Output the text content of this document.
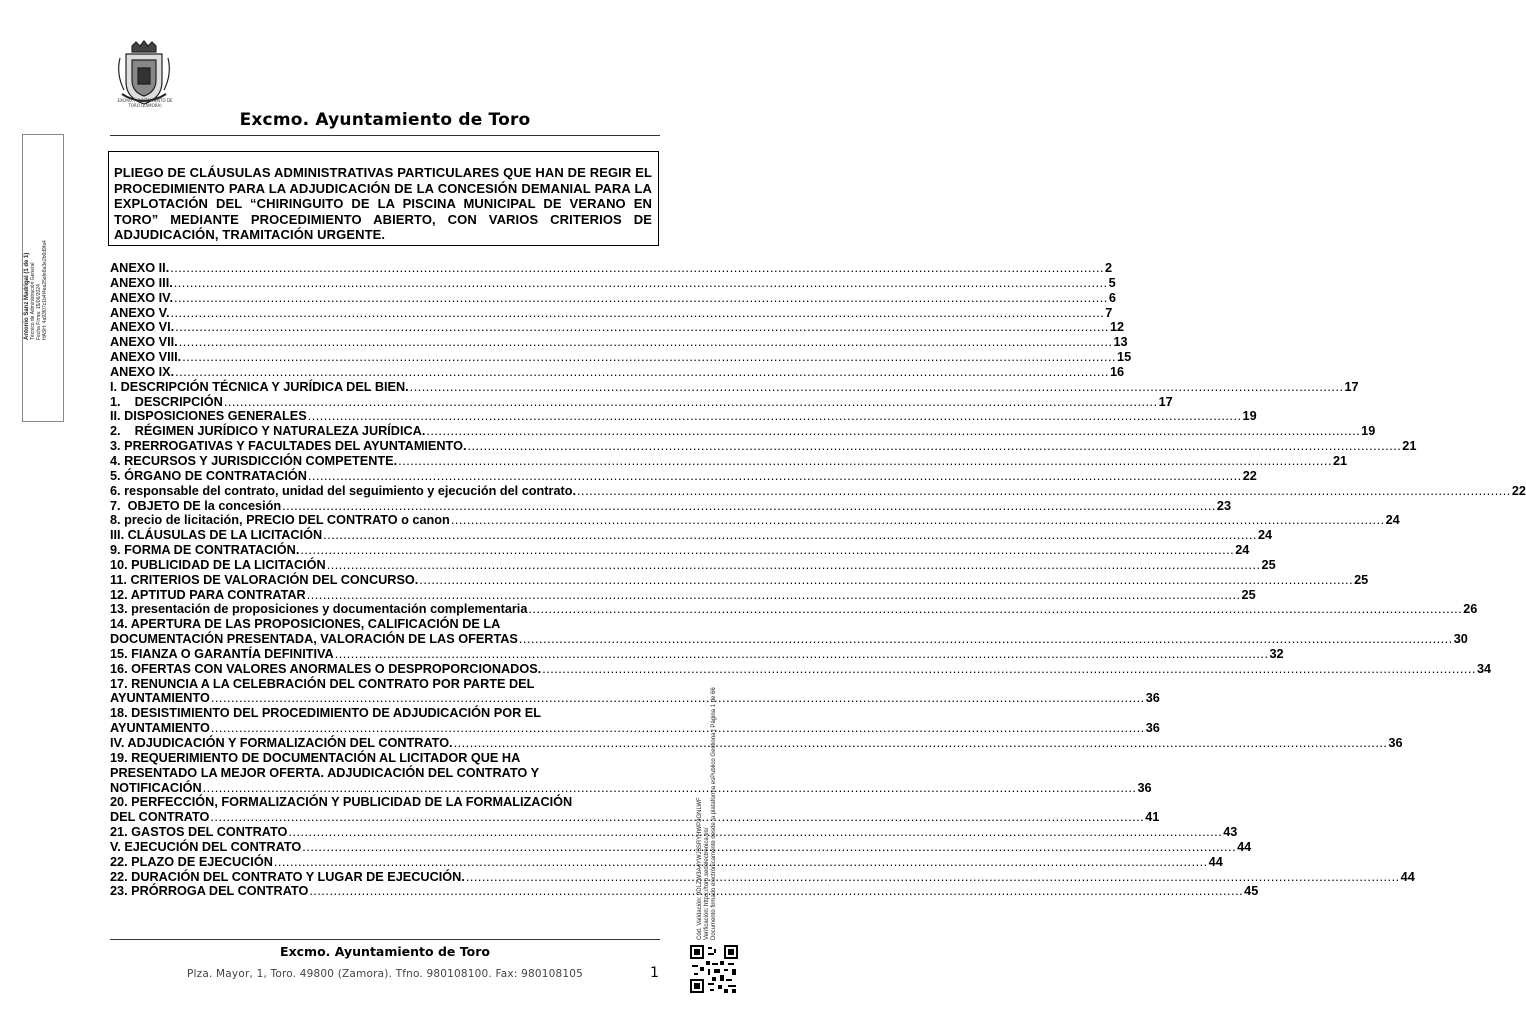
EXCMO. AYUNTAMIENTO DE
TORO (ZAMORA)
Excmo. Ayuntamiento de Toro
PLIEGO DE CLÁUSULAS ADMINISTRATIVAS PARTICULARES QUE HAN DE REGIR EL PROCEDIMIENTO PARA LA ADJUDICACIÓN DE LA CONCESIÓN DEMANIAL PARA LA EXPLOTACIÓN DEL “CHIRINGUITO DE LA PISCINA MUNICIPAL DE VERANO EN TORO” MEDIANTE PROCEDIMIENTO ABIERTO, CON VARIOS CRITERIOS DE ADJUDICACIÓN, TRAMITACIÓN URGENTE.
ANEXO II. .....	2
ANEXO III. .....	5
ANEXO IV. .....	6
ANEXO V. .....	7
ANEXO VI. .....	12
ANEXO VII. .....	13
ANEXO VIII. .....	15
ANEXO IX. .....	16
I. DESCRIPCIÓN TÉCNICA Y JURÍDICA DEL BIEN. .....	17
1.    DESCRIPCIÓN .....	17
II. DISPOSICIONES GENERALES .....	19
2.    RÉGIMEN JURÍDICO Y NATURALEZA JURÍDICA. .....	19
3. PRERROGATIVAS Y FACULTADES DEL AYUNTAMIENTO. .....	21
4. RECURSOS Y JURISDICCIÓN COMPETENTE. .....	21
5. ÓRGANO DE CONTRATACIÓN .....	22
6. responsable del contrato, unidad del seguimiento y ejecución del contrato. .....	22
7.  OBJETO DE la concesión .....	23
8. precio de licitación, PRECIO DEL CONTRATO o canon .....	24
III. CLÁUSULAS DE LA LICITACIÓN .....	24
9. FORMA DE CONTRATACIÓN. .....	24
10. PUBLICIDAD DE LA LICITACIÓN .....	25
11. CRITERIOS DE VALORACIÓN DEL CONCURSO. .....	25
12. APTITUD PARA CONTRATAR .....	25
13. presentación de proposiciones y documentación complementaria .....	26
14. APERTURA DE LAS PROPOSICIONES, CALIFICACIÓN DE LA
DOCUMENTACIÓN PRESENTADA, VALORACIÓN DE LAS OFERTAS .....	30
15. FIANZA O GARANTÍA DEFINITIVA .....	32
16. OFERTAS CON VALORES ANORMALES O DESPROPORCIONADOS. .....	34
17. RENUNCIA A LA CELEBRACIÓN DEL CONTRATO POR PARTE DEL
AYUNTAMIENTO .....	36
18. DESISTIMIENTO DEL PROCEDIMIENTO DE ADJUDICACIÓN POR EL
AYUNTAMIENTO .....	36
IV. ADJUDICACIÓN Y FORMALIZACIÓN DEL CONTRATO. .....	36
19. REQUERIMIENTO DE DOCUMENTACIÓN AL LICITADOR QUE HA
PRESENTADO LA MEJOR OFERTA. ADJUDICACIÓN DEL CONTRATO Y
NOTIFICACIÓN .....	36
20. PERFECCIÓN, FORMALIZACIÓN Y PUBLICIDAD DE LA FORMALIZACIÓN
DEL CONTRATO .....	41
21. GASTOS DEL CONTRATO .....	43
V. EJECUCIÓN DEL CONTRATO .....	44
22. PLAZO DE EJECUCIÓN .....	44
22. DURACIÓN DEL CONTRATO Y LUGAR DE EJECUCIÓN. .....	44
23. PRÓRROGA DEL CONTRATO .....	45
Excmo. Ayuntamiento de Toro
Plza. Mayor, 1, Toro. 49800 (Zamora). Tfno. 980108100. Fax: 980108105	1
Antonio Sanz Madrigal (1 de 1) Técnico de Administración General Fecha Firma: 15/06/2024 HASH: 4a93f07c1b4f4ea25afe8a3e2b6d9fa4
Cód. Validación: 9DLZW3A4YWJ3SRYHWP3GNLWF Verificación: https://toro.sedelectronica.es/ Documento firmado electrónicamente desde la plataforma esPublico Gestiona | Página 1 de 66
